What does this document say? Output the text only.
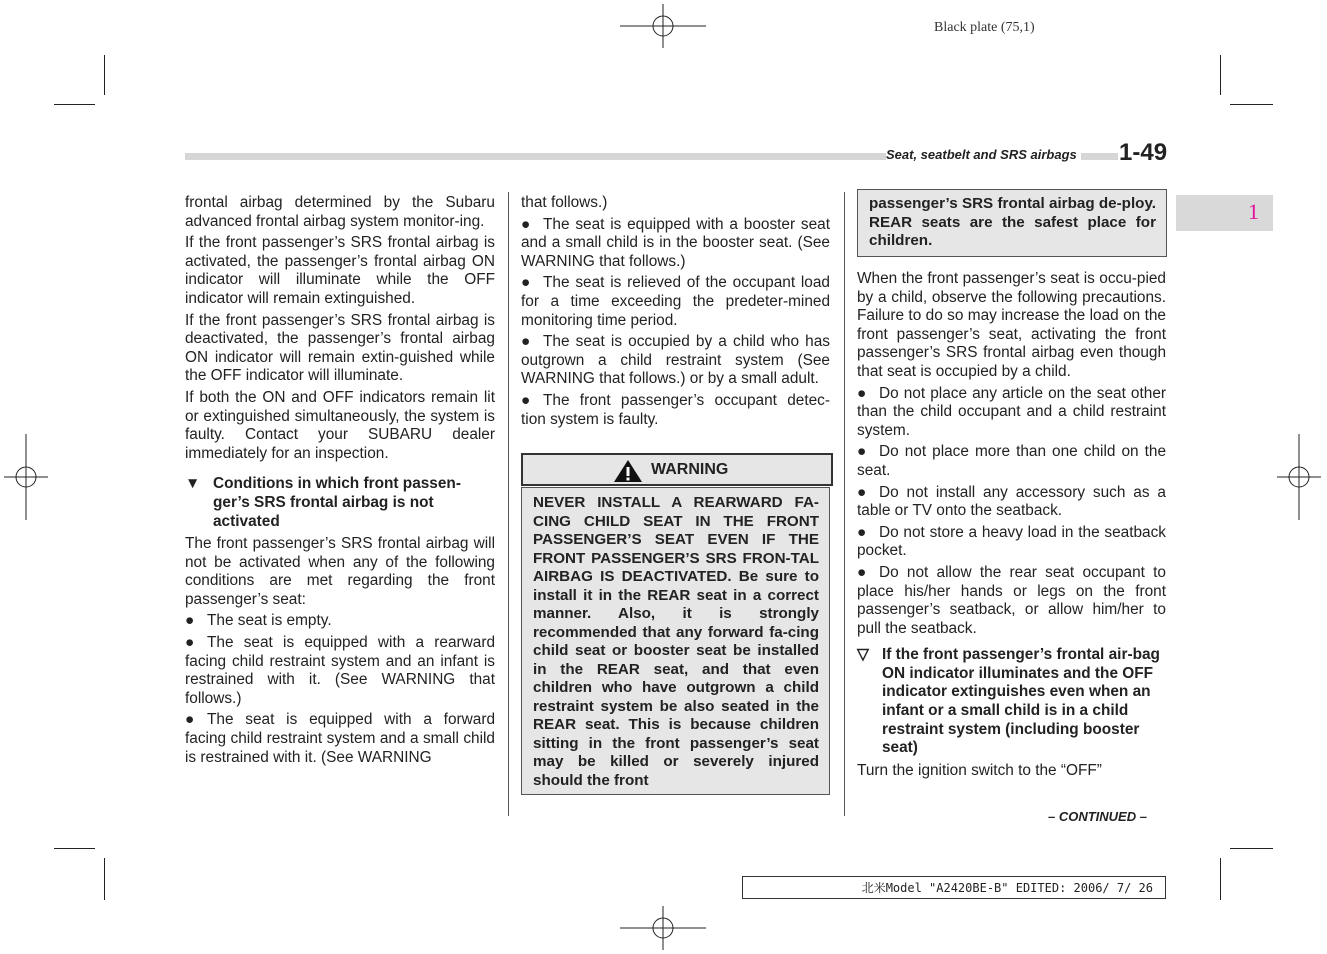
Black plate (75,1)
Seat, seatbelt and SRS airbags 1-49
1

frontal airbag determined by the Subaru advanced frontal airbag system monitor-ing.

If the front passenger’s SRS frontal airbag is activated, the passenger’s frontal airbag ON indicator will illuminate while the OFF indicator will remain extinguished.

If the front passenger’s SRS frontal airbag is deactivated, the passenger’s frontal airbag ON indicator will remain extin-guished while the OFF indicator will illuminate.

If both the ON and OFF indicators remain lit or extinguished simultaneously, the system is faulty. Contact your SUBARU dealer immediately for an inspection.

▼ Conditions in which front passen-ger’s SRS frontal airbag is not activated

The front passenger’s SRS frontal airbag will not be activated when any of the following conditions are met regarding the front passenger’s seat:

● The seat is empty.
● The seat is equipped with a rearward facing child restraint system and an infant is restrained with it. (See WARNING that follows.)
● The seat is equipped with a forward facing child restraint system and a small child is restrained with it. (See WARNING

that follows.)

● The seat is equipped with a booster seat and a small child is in the booster seat. (See WARNING that follows.)
● The seat is relieved of the occupant load for a time exceeding the predeter-mined monitoring time period.
● The seat is occupied by a child who has outgrown a child restraint system (See WARNING that follows.) or by a small adult.
● The front passenger’s occupant detec-tion system is faulty.
WARNING
NEVER INSTALL A REARWARD FA-CING CHILD SEAT IN THE FRONT PASSENGER’S SEAT EVEN IF THE FRONT PASSENGER’S SRS FRON-TAL AIRBAG IS DEACTIVATED. Be sure to install it in the REAR seat in a correct manner. Also, it is strongly recommended that any forward fa-cing child seat or booster seat be installed in the REAR seat, and that even children who have outgrown a child restraint system be also seated in the REAR seat. This is because children sitting in the front passenger’s seat may be killed or severely injured should the front
passenger’s SRS frontal airbag de-ploy. REAR seats are the safest place for children.

When the front passenger’s seat is occu-pied by a child, observe the following precautions. Failure to do so may increase the load on the front passenger’s seat, activating the front passenger’s SRS frontal airbag even though that seat is occupied by a child.

● Do not place any article on the seat other than the child occupant and a child restraint system.
● Do not place more than one child on the seat.
● Do not install any accessory such as a table or TV onto the seatback.
● Do not store a heavy load in the seatback pocket.
● Do not allow the rear seat occupant to place his/her hands or legs on the front passenger’s seatback, or allow him/her to pull the seatback.
▽ If the front passenger’s frontal air-bag ON indicator illuminates and the OFF indicator extinguishes even when an infant or a small child is in a child restraint system (including booster seat)

Turn the ignition switch to the “OFF”

– CONTINUED –
北米Model "A2420BE-B" EDITED: 2006/ 7/ 26
